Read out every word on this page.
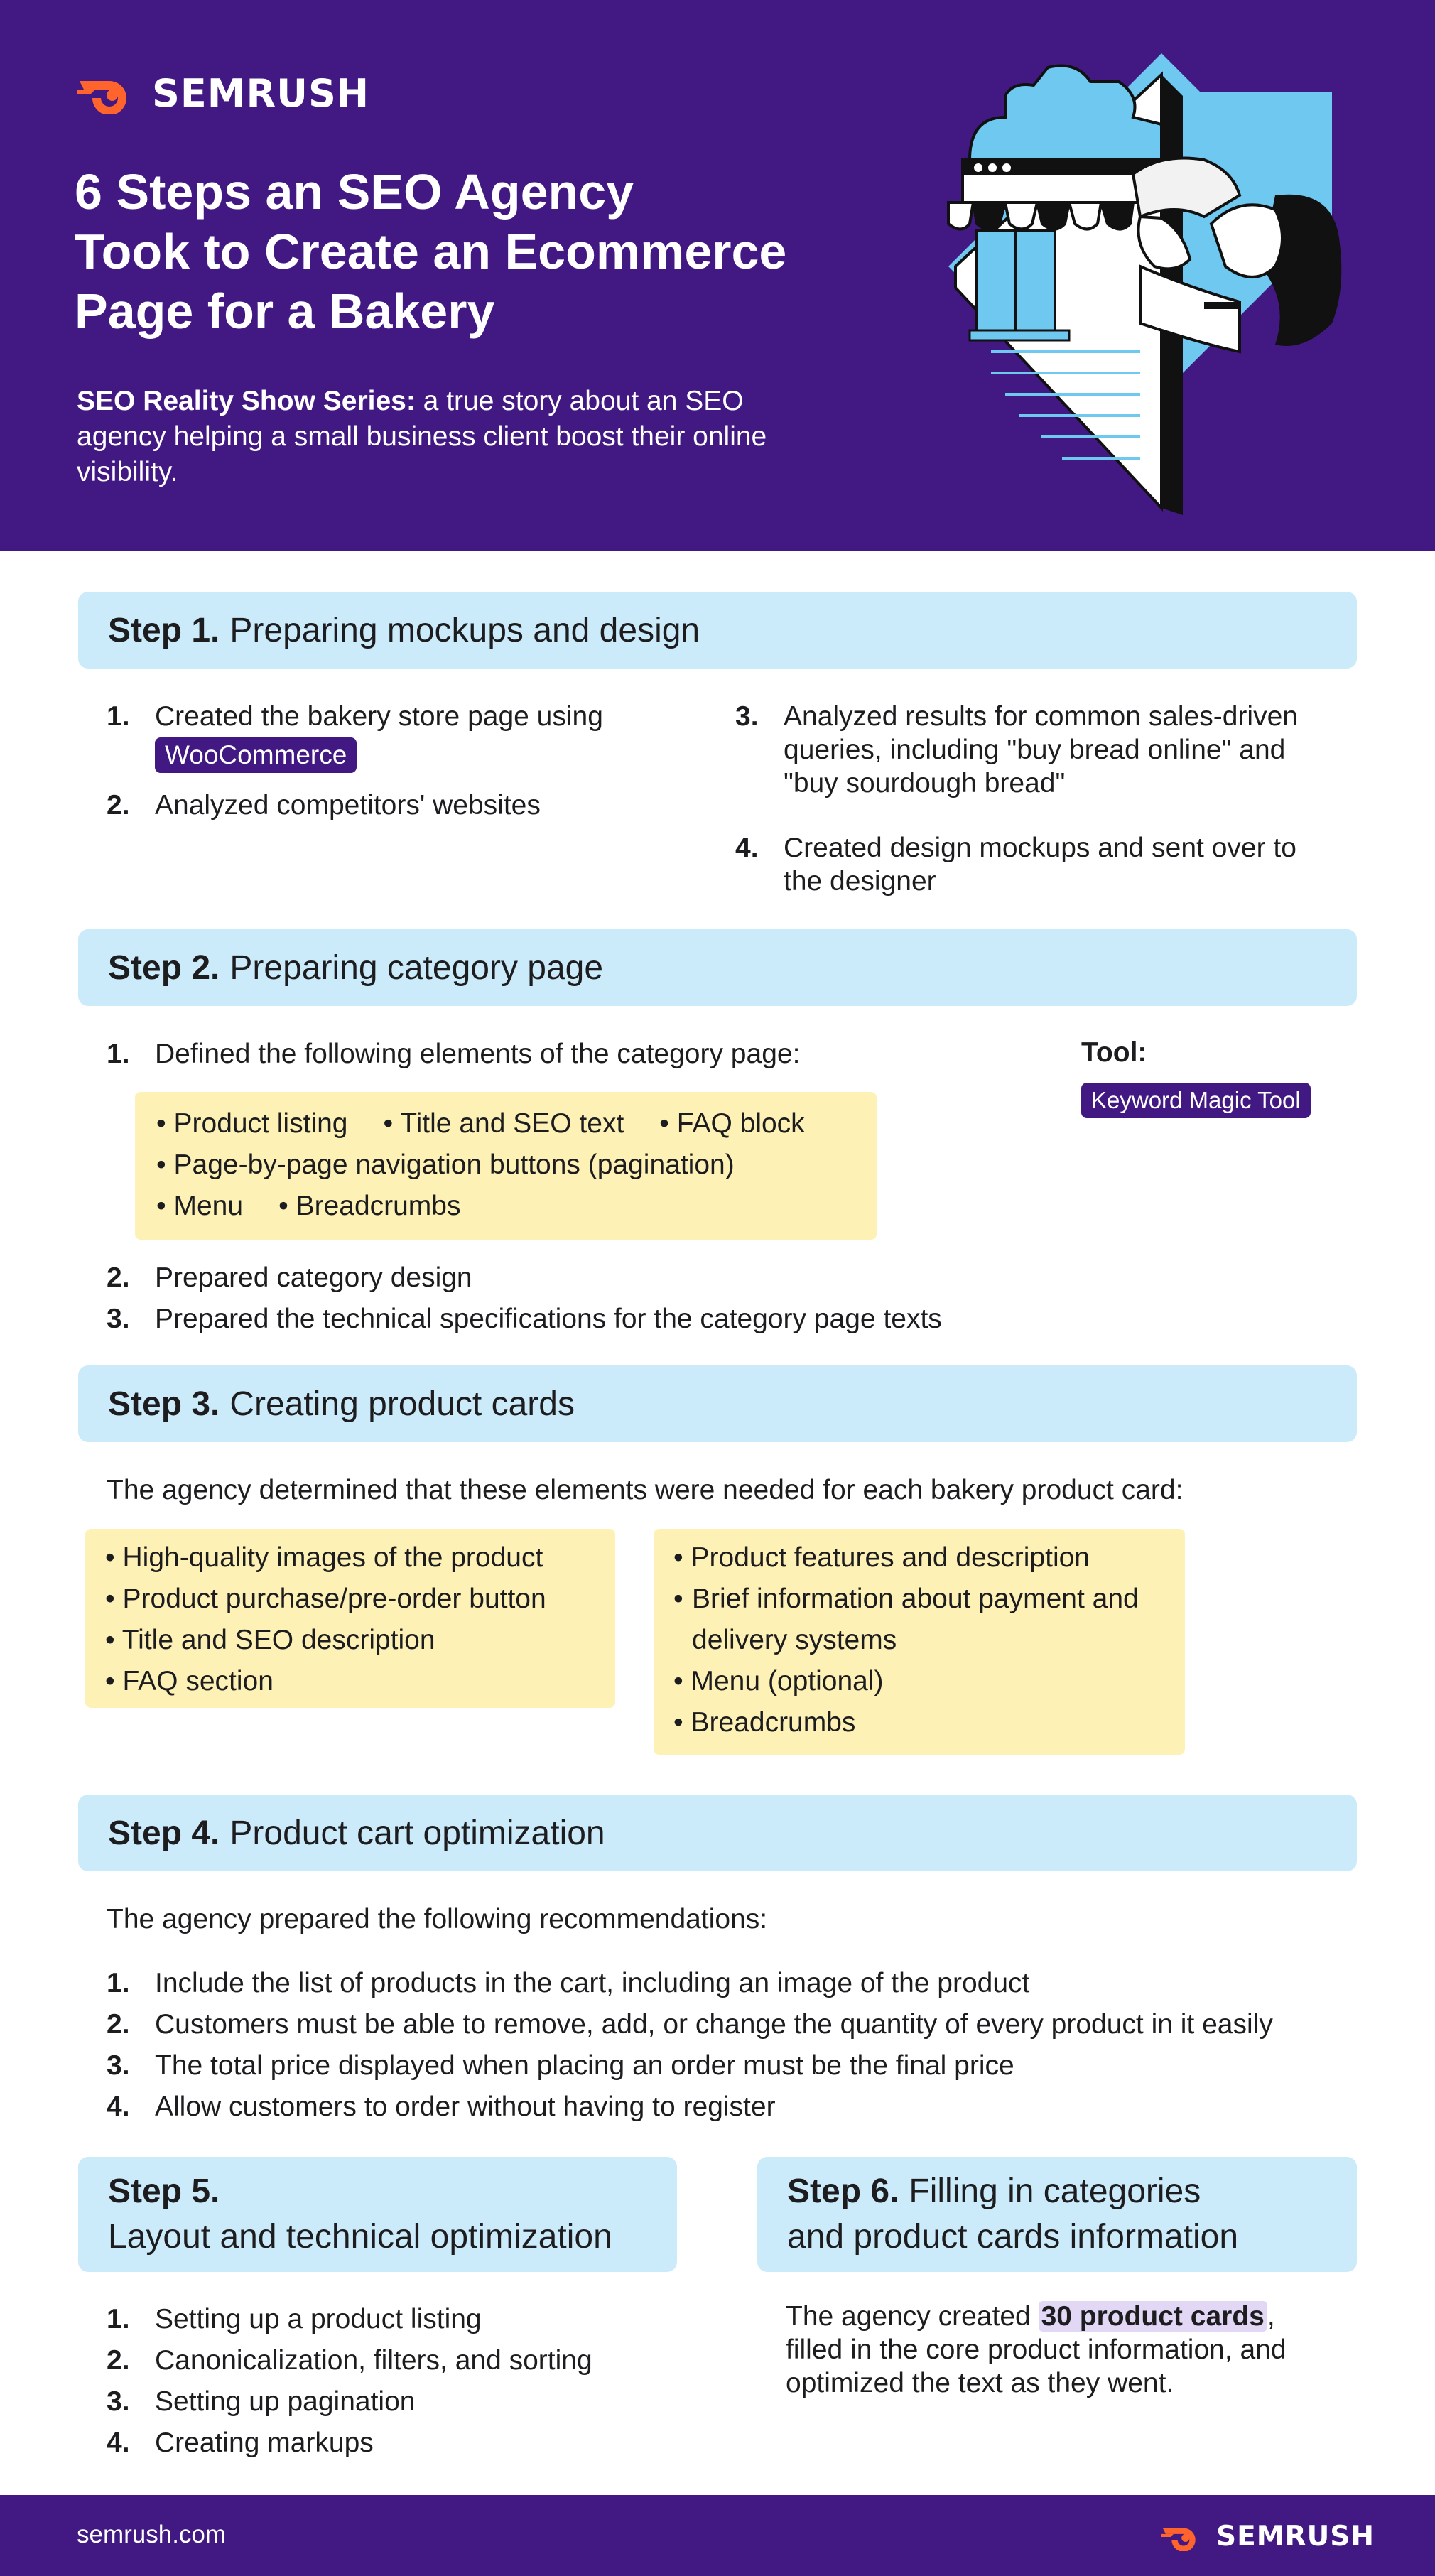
SEMRUSH
6 Steps an SEO Agency
Took to Create an Ecommerce
Page for a Bakery

SEO Reality Show Series: a true story about an SEO agency helping a small business client boost their online visibility.

Step 1. Preparing mockups and design
1. Created the bakery store page using
WooCommerce
2. Analyzed competitors' websites
3. Analyzed results for common sales-driven queries, including "buy bread online" and "buy sourdough bread"
4. Created design mockups and sent over to the designer
Step 2. Preparing category page
1. Defined the following elements of the category page:
• Product listing • Title and SEO text • FAQ block
• Page-by-page navigation buttons (pagination)
• Menu • Breadcrumbs
2. Prepared category design
3. Prepared the technical specifications for the category page texts
Tool:
Keyword Magic Tool
Step 3. Creating product cards

The agency determined that these elements were needed for each bakery product card:

• High-quality images of the product
• Product purchase/pre-order button
• Title and SEO description
• FAQ section
• Product features and description
• Brief information about payment and delivery systems
• Menu (optional)
• Breadcrumbs
Step 4. Product cart optimization

The agency prepared the following recommendations:

1. Include the list of products in the cart, including an image of the product
2. Customers must be able to remove, add, or change the quantity of every product in it easily
3. The total price displayed when placing an order must be the final price
4. Allow customers to order without having to register
Step 5.
Layout and technical optimization
1. Setting up a product listing
2. Canonicalization, filters, and sorting
3. Setting up pagination
4. Creating markups
Step 6. Filling in categories
and product cards information

The agency created 30 product cards , filled in the core product information, and optimized the text as they went.

semrush.com	SEMRUSH
